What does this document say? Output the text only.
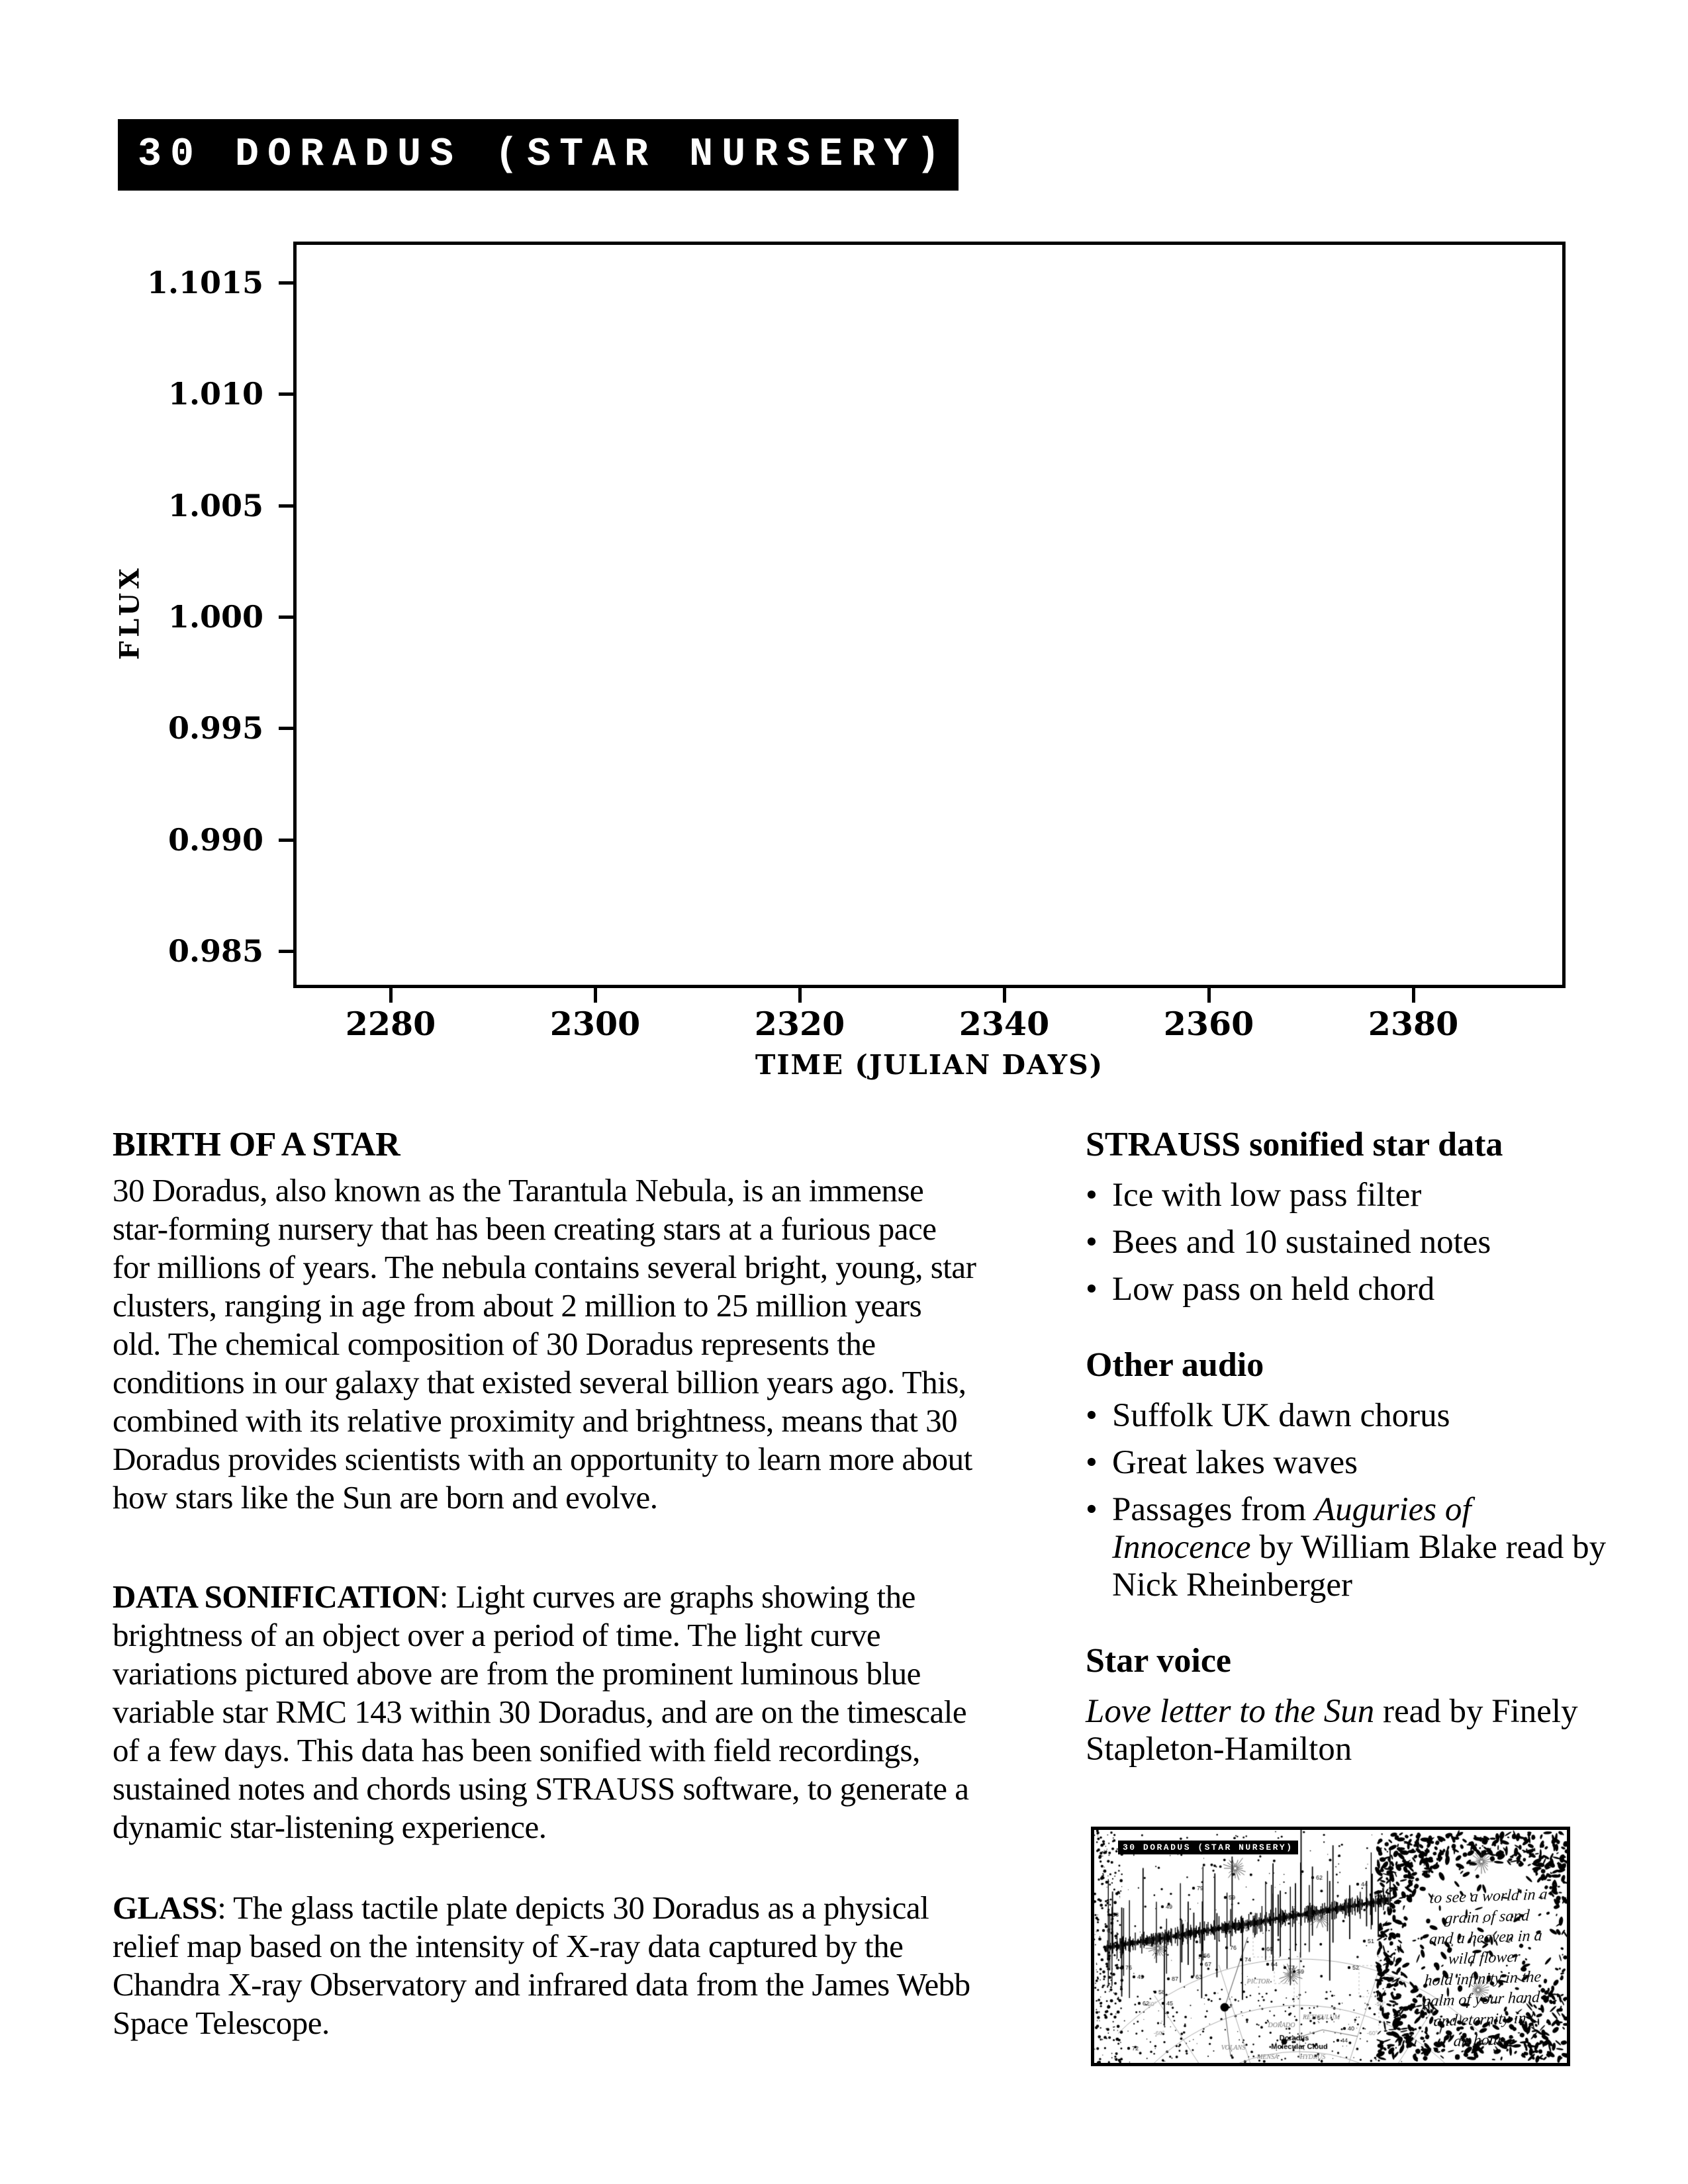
30 DORADUS (STAR NURSERY)
1.1015
1.010
1.005
1.000
0.995
0.990
0.985
2280	2300	2320	2340	2360	2380
FLUX
TIME (JULIAN DAYS)
BIRTH OF A STAR

30 Doradus, also known as the Tarantula Nebula, is an immense star-forming nursery that has been creating stars at a furious pace for millions of years. The nebula contains several bright, young, star clusters, ranging in age from about 2 million to 25 million years old. The chemical composition of 30 Doradus represents the conditions in our galaxy that existed several billion years ago. This, combined with its relative proximity and brightness, means that 30 Doradus provides scientists with an opportunity to learn more about how stars like the Sun are born and evolve.

DATA SONIFICATION: Light curves are graphs showing the brightness of an object over a period of time. The light curve variations pictured above are from the prominent luminous blue variable star RMC 143 within 30 Doradus, and are on the timescale of a few days. This data has been sonified with field recordings, sustained notes and chords using STRAUSS software, to generate a dynamic star-listening experience.

GLASS: The glass tactile plate depicts 30 Doradus as a physical relief map based on the intensity of X-ray data captured by the Chandra X-ray Observatory and infrared data from the James Webb Space Telescope.

STRAUSS sonified star data
• Ice with low pass filter
• Bees and 10 sustained notes
• Low pass on held chord
Other audio
• Suffolk UK dawn chorus
• Great lakes waves
• Passages from Auguries of Innocence by William Blake read by Nick Rheinberger
Star voice

Love letter to the Sun read by Finely Stapleton-Hamilton

30 DORADUS (STAR NURSERY)
to see a world in a
grain of sand
and a heaven in a
wild flower
hold infinity in the
palm of your hand
and eternity in
an hour
